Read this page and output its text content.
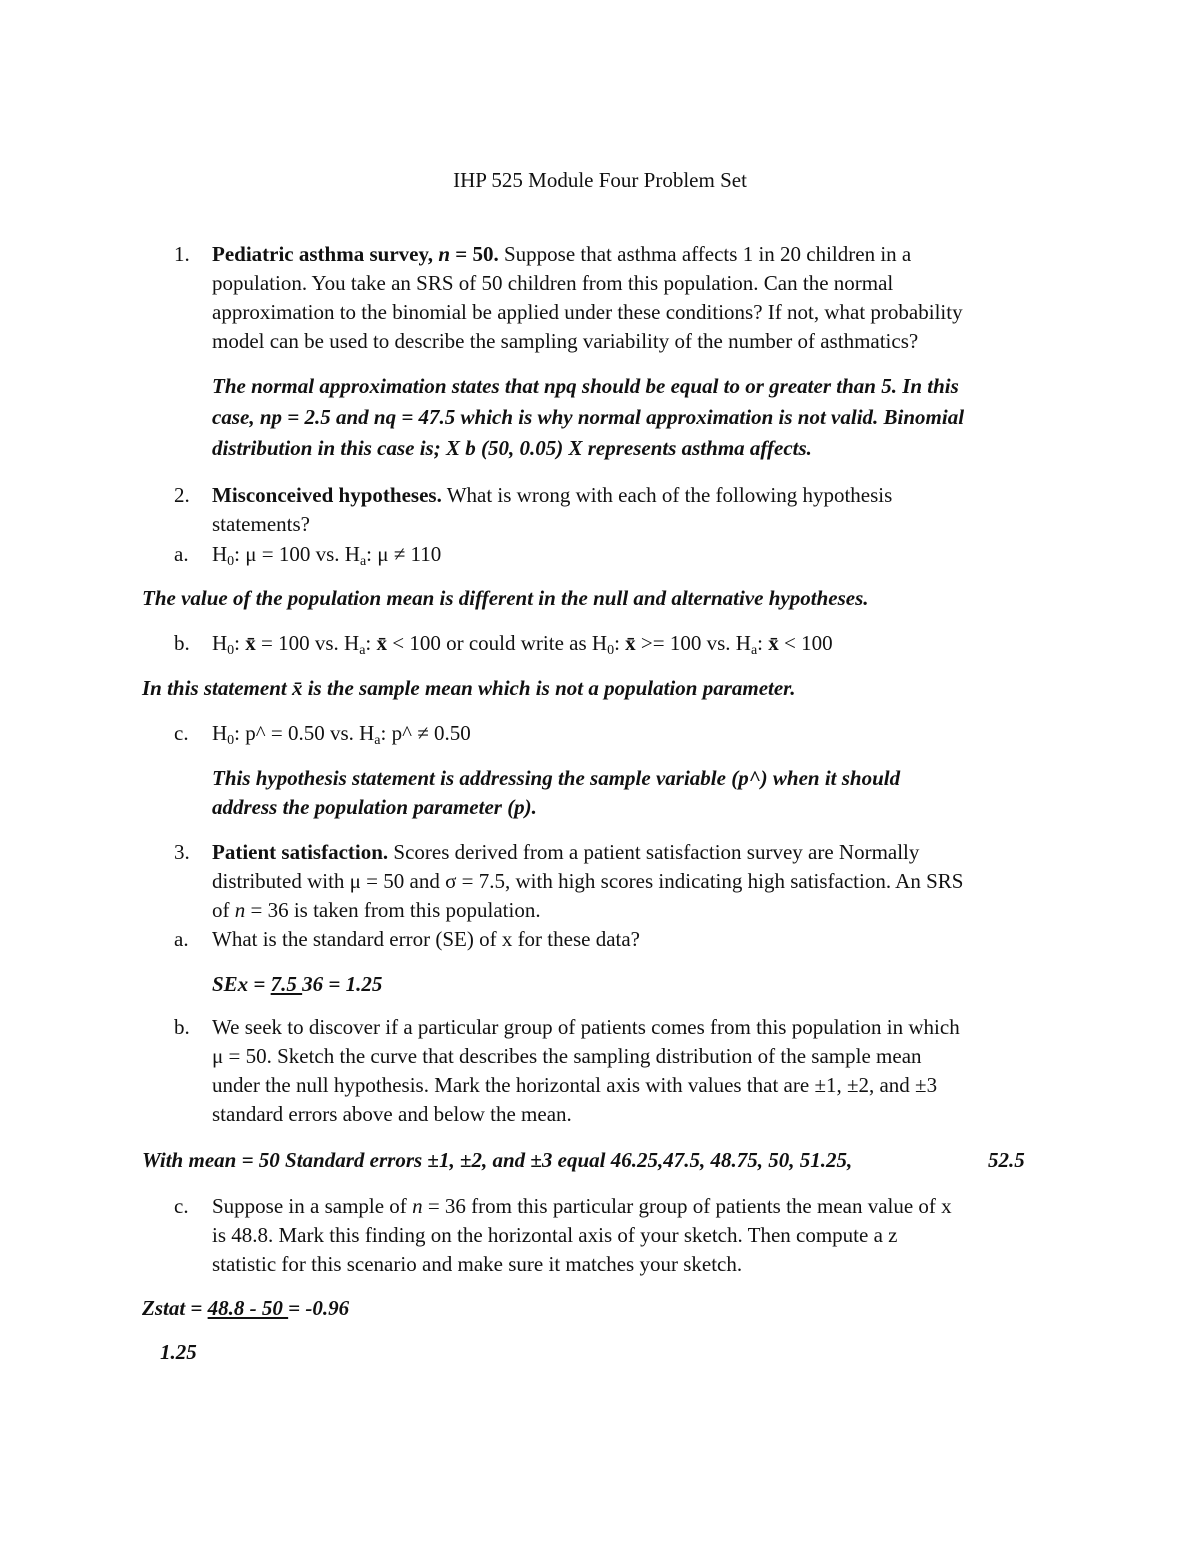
IHP 525 Module Four Problem Set
1. Pediatric asthma survey, n = 50. Suppose that asthma affects 1 in 20 children in a
population. You take an SRS of 50 children from this population. Can the normal
approximation to the binomial be applied under these conditions? If not, what probability
model can be used to describe the sampling variability of the number of asthmatics?
The normal approximation states that npq should be equal to or greater than 5. In this
case, np = 2.5 and nq = 47.5 which is why normal approximation is not valid. Binomial
distribution in this case is; X b (50, 0.05) X represents asthma affects.
2. Misconceived hypotheses. What is wrong with each of the following hypothesis
statements?
a. $H_0$: μ = 100 vs. $H_a$: μ ≠ 110
The value of the population mean is different in the null and alternative hypotheses.
b. $H_0$: x̄ = 100 vs. $H_a$: x̄ < 100 or could write as $H_0$: x̄ >= 100 vs. $H_a$: x̄ < 100
In this statement x̄ is the sample mean which is not a population parameter.
c. $H_0$: p^ = 0.50 vs. $H_a$: p^ ≠ 0.50
This hypothesis statement is addressing the sample variable (p^) when it should
address the population parameter (p).
3. Patient satisfaction. Scores derived from a patient satisfaction survey are Normally
distributed with μ = 50 and σ = 7.5, with high scores indicating high satisfaction. An SRS
of n = 36 is taken from this population.
a. What is the standard error (SE) of x for these data?
SEx = 7.5 36 = 1.25
b. We seek to discover if a particular group of patients comes from this population in which
μ = 50. Sketch the curve that describes the sampling distribution of the sample mean
under the null hypothesis. Mark the horizontal axis with values that are ±1, ±2, and ±3
standard errors above and below the mean.
With mean = 50 Standard errors ±1, ±2, and ±3 equal 46.25,47.5, 48.75, 50, 51.25,	52.5
c. Suppose in a sample of n = 36 from this particular group of patients the mean value of x
is 48.8. Mark this finding on the horizontal axis of your sketch. Then compute a z
statistic for this scenario and make sure it matches your sketch.
Zstat = 48.8 - 50 = -0.96
1.25
